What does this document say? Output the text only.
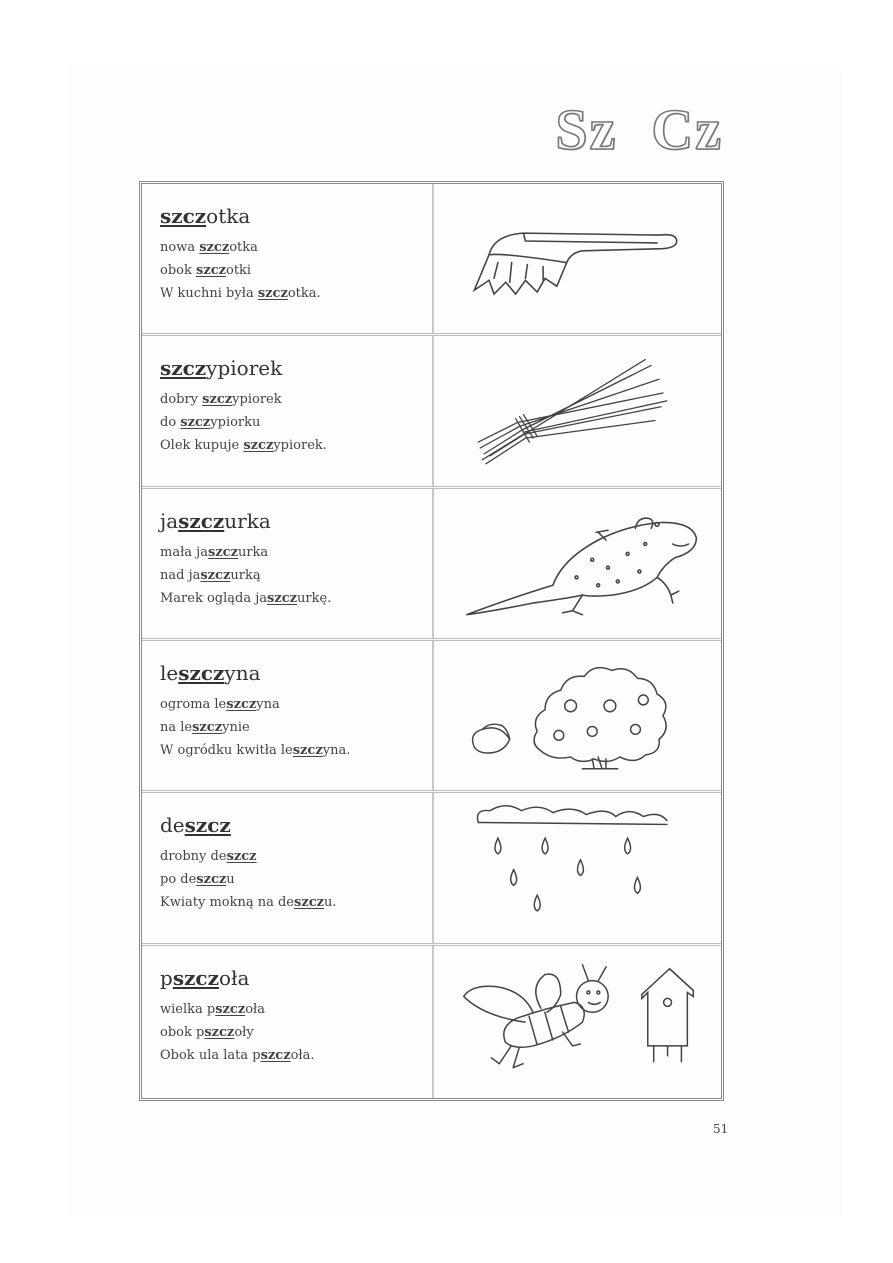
Sz Cz

szczotka

nowa szczotka

obok szczotki

W kuchni była szczotka.

szczypiorek

dobry szczypiorek

do szczypiorku

Olek kupuje szczypiorek.

jaszczurka

mała jaszczurka

nad jaszczurką

Marek ogląda jaszczurkę.

leszczyna

ogroma leszczyna

na leszczynie

W ogródku kwitła leszczyna.

deszcz

drobny deszcz

po deszczu

Kwiaty mokną na deszczu.

pszczoła

wielka pszczoła

obok pszczoły

Obok ula lata pszczoła.

51
